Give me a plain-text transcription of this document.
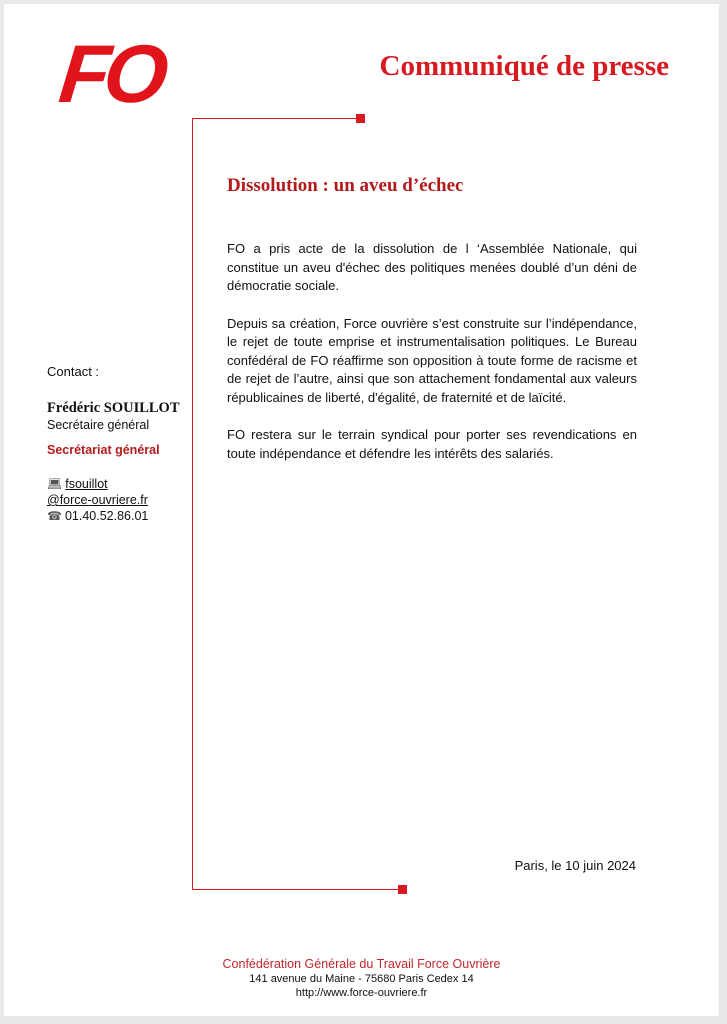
FO	Communiqué de presse
Dissolution : un aveu d’échec

FO a pris acte de la dissolution de l ‘Assemblée Nationale, qui constitue un aveu d'échec des politiques menées doublé d’un déni de démocratie sociale.

Depuis sa création, Force ouvrière s’est construite sur l’indépendance, le rejet de toute emprise et instrumentalisation politiques. Le Bureau confédéral de FO réaffirme son opposition à toute forme de racisme et de rejet de l’autre, ainsi que son attachement fondamental aux valeurs républicaines de liberté, d'égalité, de fraternité et de laïcité.

FO restera sur le terrain syndical pour porter ses revendications en toute indépendance et défendre les intérêts des salariés.

Contact :
Frédéric SOUILLOT
Secrétaire général
Secrétariat général
💻︎ fsouillot
@force-ouvriere.fr
☎︎ 01.40.52.86.01
Paris, le 10 juin 2024
Confédération Générale du Travail Force Ouvrière
141 avenue du Maine - 75680 Paris Cedex 14
http://www.force-ouvriere.fr
